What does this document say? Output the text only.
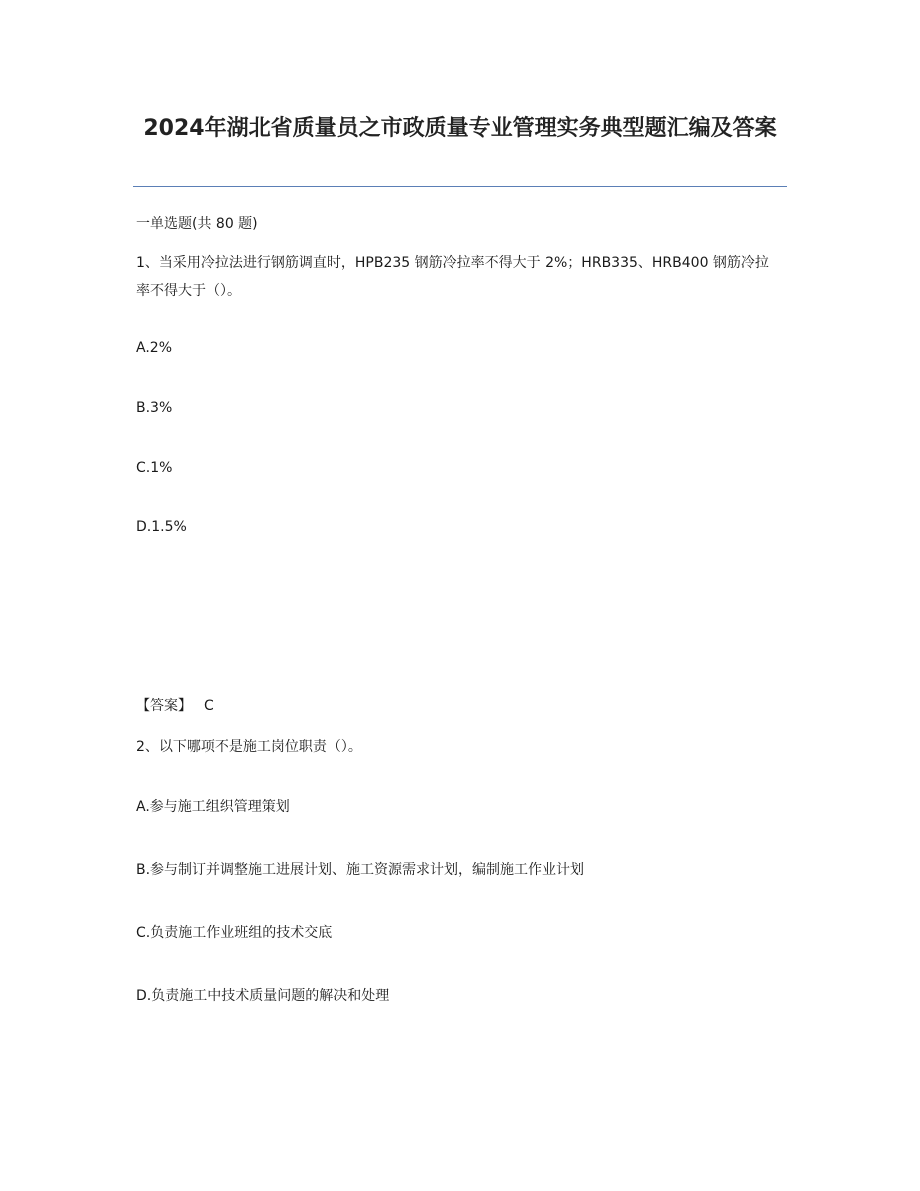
2024年湖北省质量员之市政质量专业管理实务典型题汇编及答案
一单选题(共 80 题)
1、当采用冷拉法进行钢筋调直时，HPB235 钢筋冷拉率不得大于 2%；HRB335、HRB400 钢筋冷拉率不得大于（）。
A.2%
B.3%
C.1%
D.1.5%
【答案】 C
2、以下哪项不是施工岗位职责（）。
A.参与施工组织管理策划
B.参与制订并调整施工进展计划、施工资源需求计划，编制施工作业计划
C.负责施工作业班组的技术交底
D.负责施工中技术质量问题的解决和处理
